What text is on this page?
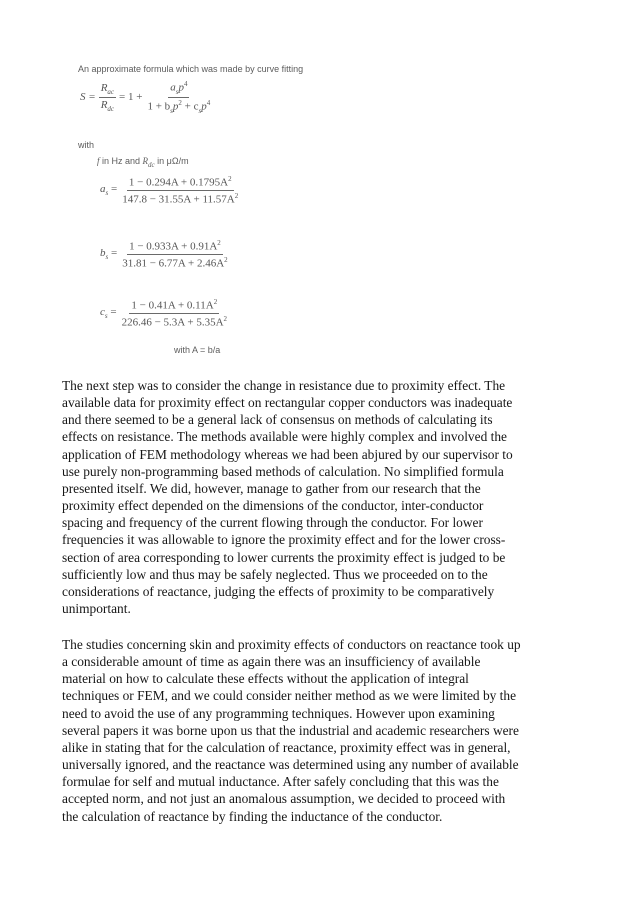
An approximate formula which was made by curve fitting
$S = \frac{R_{ac}}{R_{dc}} = 1 + \frac{a_sp^4}{1 + b_sp^2 + c_sp^4}$
with
f in Hz and $R_{dc}$ in μΩ/m
$a_s = \frac{1 - 0.294A + 0.1795A^2}{147.8 - 31.55A + 11.57A^2}$
$b_s = \frac{1 - 0.933A + 0.91A^2}{31.81 - 6.77A + 2.46A^2}$
$c_s = \frac{1 - 0.41A + 0.11A^2}{226.46 - 5.3A + 5.35A^2}$
with A = b/a
The next step was to consider the change in resistance due to proximity effect. The
available data for proximity effect on rectangular copper conductors was inadequate
and there seemed to be a general lack of consensus on methods of calculating its
effects on resistance. The methods available were highly complex and involved the
application of FEM methodology whereas we had been abjured by our supervisor to
use purely non-programming based methods of calculation. No simplified formula
presented itself. We did, however, manage to gather from our research that the
proximity effect depended on the dimensions of the conductor, inter-conductor
spacing and frequency of the current flowing through the conductor. For lower
frequencies it was allowable to ignore the proximity effect and for the lower cross-
section of area corresponding to lower currents the proximity effect is judged to be
sufficiently low and thus may be safely neglected. Thus we proceeded on to the
considerations of reactance, judging the effects of proximity to be comparatively
unimportant.
The studies concerning skin and proximity effects of conductors on reactance took up
a considerable amount of time as again there was an insufficiency of available
material on how to calculate these effects without the application of integral
techniques or FEM, and we could consider neither method as we were limited by the
need to avoid the use of any programming techniques. However upon examining
several papers it was borne upon us that the industrial and academic researchers were
alike in stating that for the calculation of reactance, proximity effect was in general,
universally ignored, and the reactance was determined using any number of available
formulae for self and mutual inductance. After safely concluding that this was the
accepted norm, and not just an anomalous assumption, we decided to proceed with
the calculation of reactance by finding the inductance of the conductor.
